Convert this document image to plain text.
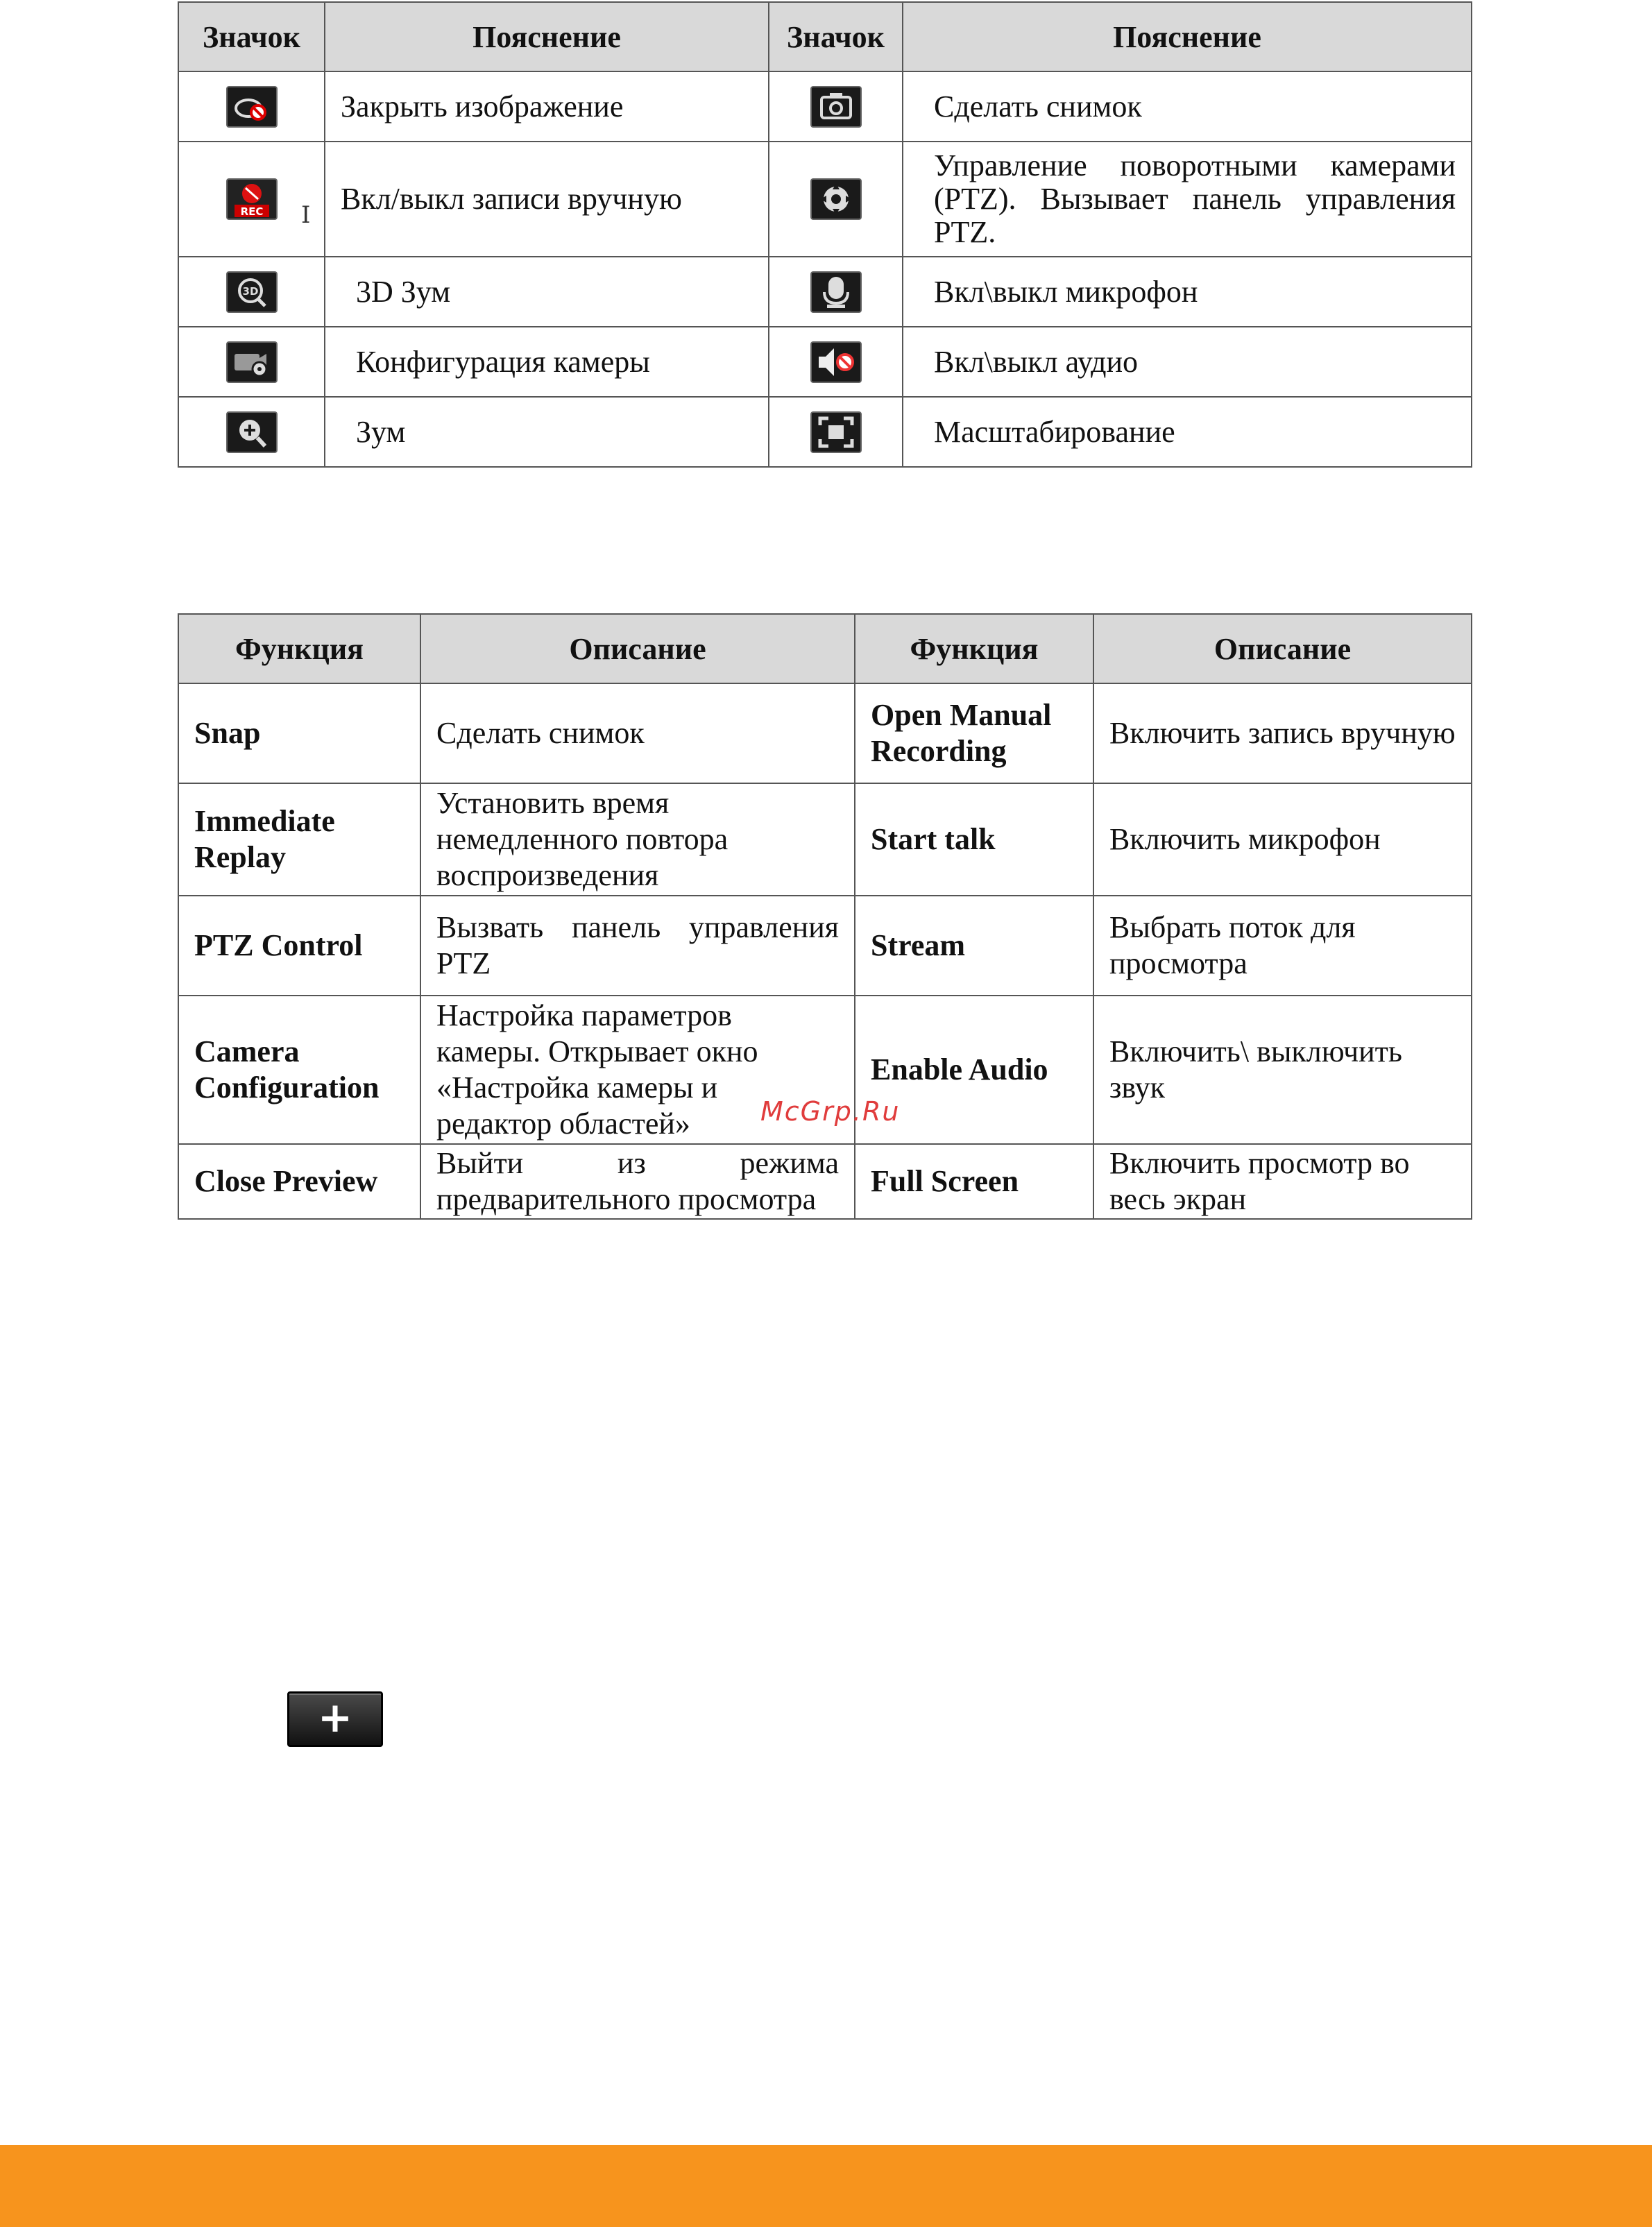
Значок	Пояснение	Значок	Пояснение

	Закрыть изображение		Сделать снимок

REC	Вкл/выкл записи вручную		Управление поворотными камерами (PTZ). Вызывает панель управления PTZ.

3D	3D Зум		Вкл\выкл микрофон

	Конфигурация камеры		Вкл\выкл аудио

	Зум		Масштабирование
I
Функция	Описание	Функция	Описание
Snap	Сделать снимок	Open Manual Recording	Включить запись вручную
Immediate Replay	Установить время немедленного повтора воспроизведения	Start talk	Включить микрофон
PTZ Control	Вызвать панель управления PTZ	Stream	Выбрать поток для просмотра
Camera Configuration	Настройка параметров камеры. Открывает окно «Настройка камеры и редактор областей»	Enable Audio	Включить\ выключить звук
Close Preview	Выйти из режима предварительного просмотра	Full Screen	Включить просмотр во весь экран
McGrp.Ru
+
